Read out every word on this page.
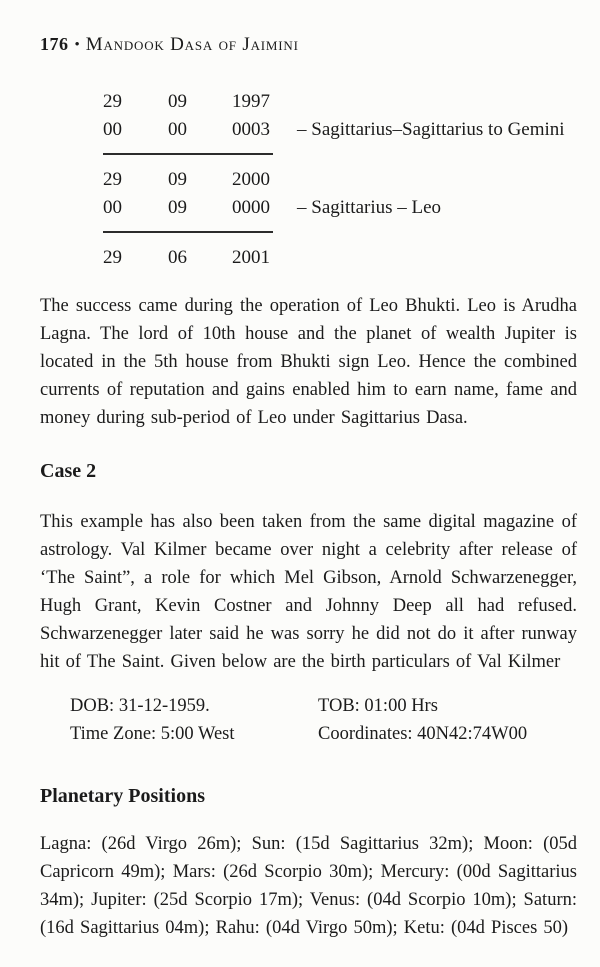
176 • Mandook Dasa of Jaimini
29	09	1997
00	00	0003	– Sagittarius–Sagittarius to Gemini
29	09	2000
00	09	0000	– Sagittarius – Leo
29	06	2001

The success came during the operation of Leo Bhukti. Leo is Arudha Lagna. The lord of 10th house and the planet of wealth Jupiter is located in the 5th house from Bhukti sign Leo. Hence the combined currents of reputation and gains enabled him to earn name, fame and money during sub-period of Leo under Sagittarius Dasa.

Case 2

This example has also been taken from the same digital magazine of astrology. Val Kilmer became over night a celebrity after release of ‘The Saint”, a role for which Mel Gibson, Arnold Schwarzenegger, Hugh Grant, Kevin Costner and Johnny Deep all had refused. Schwarzenegger later said he was sorry he did not do it after runway hit of The Saint. Given below are the birth particulars of Val Kilmer

DOB: 31-12-1959.	TOB: 01:00 Hrs
Time Zone: 5:00 West	Coordinates: 40N42:74W00
Planetary Positions

Lagna: (26d Virgo 26m); Sun: (15d Sagittarius 32m); Moon: (05d Capricorn 49m); Mars: (26d Scorpio 30m); Mercury: (00d Sagittarius 34m); Jupiter: (25d Scorpio 17m); Venus: (04d Scorpio 10m); Saturn: (16d Sagittarius 04m); Rahu: (04d Virgo 50m); Ketu: (04d Pisces 50)
